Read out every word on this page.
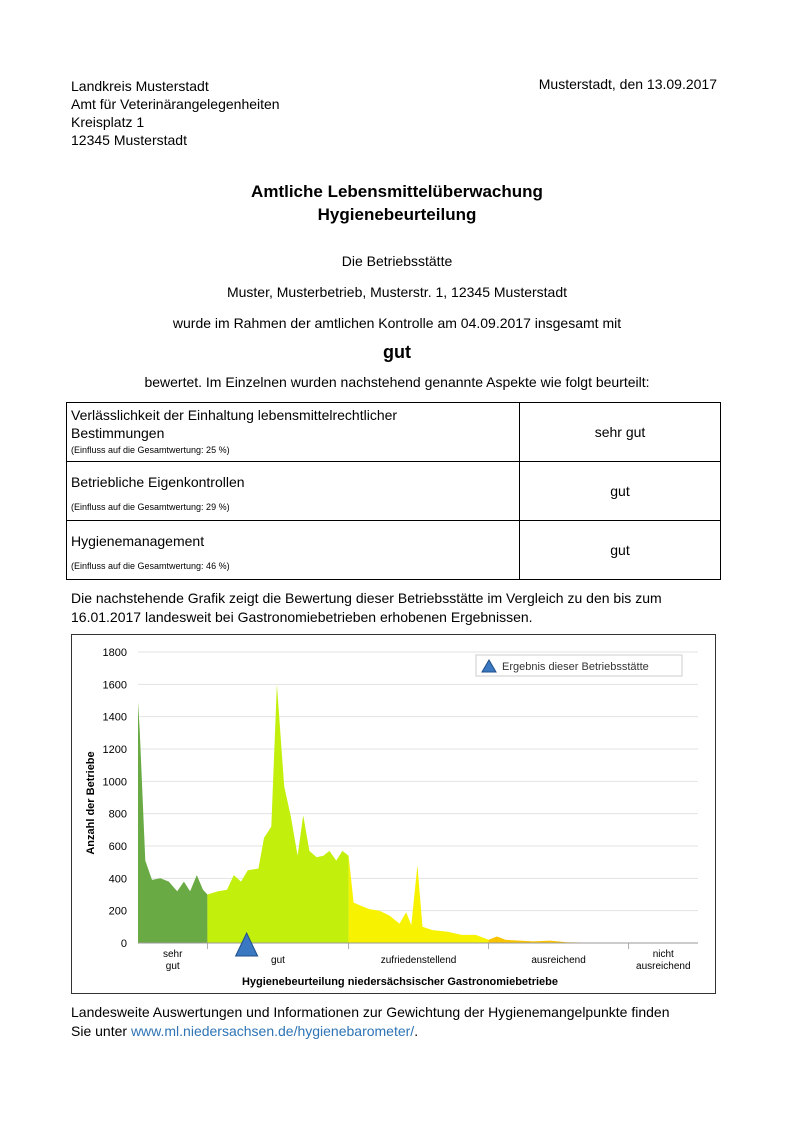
Landkreis Musterstadt
Amt für Veterinärangelegenheiten
Kreisplatz 1
12345 Musterstadt
Musterstadt, den 13.09.2017
Amtliche Lebensmittelüberwachung
Hygienebeurteilung
Die Betriebsstätte
Muster, Musterbetrieb, Musterstr. 1, 12345 Musterstadt
wurde im Rahmen der amtlichen Kontrolle am 04.09.2017 insgesamt mit
gut
bewertet. Im Einzelnen wurden nachstehend genannte Aspekte wie folgt beurteilt:
Verlässlichkeit der Einhaltung lebensmittelrechtlicher
Bestimmungen
(Einfluss auf die Gesamtwertung: 25 %)	sehr gut

Betriebliche Eigenkontrollen
(Einfluss auf die Gesamtwertung: 29 %)	gut

Hygienemanagement
(Einfluss auf die Gesamtwertung: 46 %)	gut
Die nachstehende Grafik zeigt die Bewertung dieser Betriebsstätte im Vergleich zu den bis zum
16.01.2017 landesweit bei Gastronomiebetrieben erhobenen Ergebnissen.
0
200
400
600
800
1000
1200
1400
1600
1800
sehr
gut
gut	zufriedenstellend	ausreichend
nicht
ausreichend
Anzahl der Betriebe
Hygienebeurteilung niedersächsischer Gastronomiebetriebe
Ergebnis dieser Betriebsstätte
Landesweite Auswertungen und Informationen zur Gewichtung der Hygienemangelpunkte finden
Sie unter www.ml.niedersachsen.de/hygienebarometer/.
